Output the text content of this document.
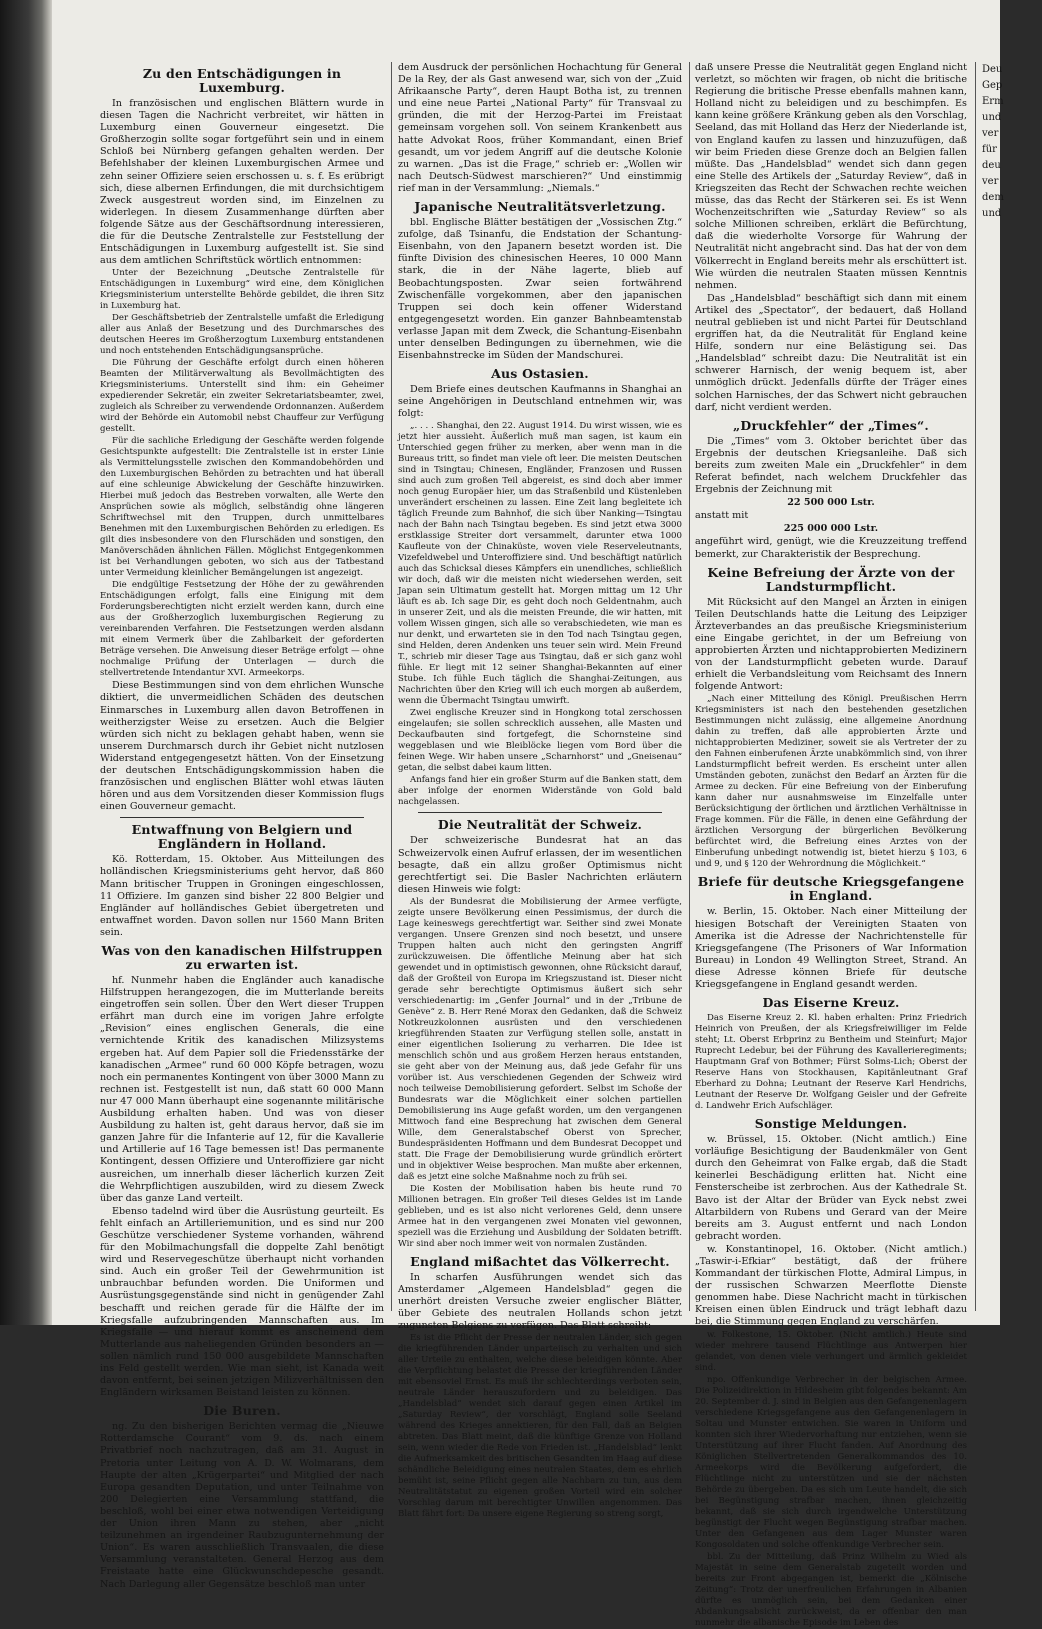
Zu den Entschädigungen in Luxemburg.

In französischen und englischen Blättern wurde in diesen Tagen die Nachricht verbreitet, wir hätten in Luxemburg einen Gouverneur eingesetzt. Die Großherzogin sollte sogar fortgeführt sein und in einem Schloß bei Nürnberg gefangen gehalten werden. Der Befehlshaber der kleinen Luxemburgischen Armee und zehn seiner Offiziere seien erschossen u. s. f. Es erübrigt sich, diese albernen Erfindungen, die mit durchsichtigem Zweck ausgestreut worden sind, im Einzelnen zu widerlegen. In diesem Zusammenhange dürften aber folgende Sätze aus der Geschäftsordnung interessieren, die für die Deutsche Zentralstelle zur Feststellung der Entschädigungen in Luxemburg aufgestellt ist. Sie sind aus dem amtlichen Schriftstück wörtlich entnommen:

Unter der Bezeichnung „Deutsche Zentralstelle für Entschädigungen in Luxemburg“ wird eine, dem Königlichen Kriegsministerium unterstellte Behörde gebildet, die ihren Sitz in Luxemburg hat.

Der Geschäftsbetrieb der Zentralstelle umfaßt die Erledigung aller aus Anlaß der Besetzung und des Durchmarsches des deutschen Heeres im Großherzogtum Luxemburg entstandenen und noch entstehenden Entschädigungsansprüche.

Die Führung der Geschäfte erfolgt durch einen höheren Beamten der Militärverwaltung als Bevollmächtigten des Kriegsministeriums. Unterstellt sind ihm: ein Geheimer expedierender Sekretär, ein zweiter Sekretariatsbeamter, zwei, zugleich als Schreiber zu verwendende Ordonnanzen. Außerdem wird der Behörde ein Automobil nebst Chauffeur zur Verfügung gestellt.

Für die sachliche Erledigung der Geschäfte werden folgende Gesichtspunkte aufgestellt: Die Zentralstelle ist in erster Linie als Vermittelungsstelle zwischen den Kommandobehörden und den Luxemburgischen Behörden zu betrachten und hat überall auf eine schleunige Abwickelung der Geschäfte hinzuwirken. Hierbei muß jedoch das Bestreben vorwalten, alle Werte den Ansprüchen sowie als möglich, selbständig ohne längeren Schriftwechsel mit den Truppen, durch unmittelbares Benehmen mit den Luxemburgischen Behörden zu erledigen. Es gilt dies insbesondere von den Flurschäden und sonstigen, den Manöverschäden ähnlichen Fällen. Möglichst Entgegenkommen ist bei Verhandlungen geboten, wo sich aus der Tatbestand unter Vermeidung kleinlicher Bemängelungen ist angezeigt.

Die endgültige Festsetzung der Höhe der zu gewährenden Entschädigungen erfolgt, falls eine Einigung mit dem Forderungsberechtigten nicht erzielt werden kann, durch eine aus der Großherzoglich luxemburgischen Regierung zu vereinbarenden Verfahren. Die Festsetzungen werden alsdann mit einem Vermerk über die Zahlbarkeit der geforderten Beträge versehen. Die Anweisung dieser Beträge erfolgt — ohne nochmalige Prüfung der Unterlagen — durch die stellvertretende Intendantur XVI. Armeekorps.

Diese Bestimmungen sind von dem ehrlichen Wunsche diktiert, die unvermeidlichen Schäden des deutschen Einmarsches in Luxemburg allen davon Betroffenen in weitherzigster Weise zu ersetzen. Auch die Belgier würden sich nicht zu beklagen gehabt haben, wenn sie unserem Durchmarsch durch ihr Gebiet nicht nutzlosen Widerstand entgegengesetzt hätten. Von der Einsetzung der deutschen Entschädigungskommission haben die französischen und englischen Blätter wohl etwas läuten hören und aus dem Vorsitzenden dieser Kommission flugs einen Gouverneur gemacht.

Entwaffnung von Belgiern und Engländern in Holland.

Kö. Rotterdam, 15. Oktober. Aus Mitteilungen des holländischen Kriegsministeriums geht hervor, daß 860 Mann britischer Truppen in Groningen eingeschlossen, 11 Offiziere. Im ganzen sind bisher 22 800 Belgier und Engländer auf holländisches Gebiet übergetreten und entwaffnet worden. Davon sollen nur 1560 Mann Briten sein.

Was von den kanadischen Hilfstruppen zu erwarten ist.

hf. Nunmehr haben die Engländer auch kanadische Hilfstruppen herangezogen, die im Mutterlande bereits eingetroffen sein sollen. Über den Wert dieser Truppen erfährt man durch eine im vorigen Jahre erfolgte „Revision“ eines englischen Generals, die eine vernichtende Kritik des kanadischen Milizsystems ergeben hat. Auf dem Papier soll die Friedensstärke der kanadischen „Armee“ rund 60 000 Köpfe betragen, wozu noch ein permanentes Kontingent von über 3000 Mann zu rechnen ist. Festgestellt ist nun, daß statt 60 000 Mann nur 47 000 Mann überhaupt eine sogenannte militärische Ausbildung erhalten haben. Und was von dieser Ausbildung zu halten ist, geht daraus hervor, daß sie im ganzen Jahre für die Infanterie auf 12, für die Kavallerie und Artillerie auf 16 Tage bemessen ist! Das permanente Kontingent, dessen Offiziere und Unteroffiziere gar nicht ausreichen, um innerhalb dieser lächerlich kurzen Zeit die Wehrpflichtigen auszubilden, wird zu diesem Zweck über das ganze Land verteilt.

Ebenso tadelnd wird über die Ausrüstung geurteilt. Es fehlt einfach an Artilleriemunition, und es sind nur 200 Geschütze verschiedener Systeme vorhanden, während für den Mobilmachungsfall die doppelte Zahl benötigt wird und Reservegeschütze überhaupt nicht vorhanden sind. Auch ein großer Teil der Gewehrmunition ist unbrauchbar befunden worden. Die Uniformen und Ausrüstungsgegenstände sind nicht in genügender Zahl beschafft und reichen gerade für die Hälfte der im Kriegsfalle aufzubringenden Mannschaften aus. Im Kriegsfalle — und hierauf kommt es anscheinend dem Mutterlande aus naheliegenden Gründen besonders an — sollen nämlich rund 150 000 ausgebildete Mannschaften ins Feld gestellt werden. Wie man sieht, ist Kanada weit davon entfernt, bei seinen jetzigen Milizverhältnissen den Engländern wirksamen Beistand leisten zu können.

Die Buren.

ng. Zu den bisherigen Berichten vermag die „Nieuwe Rotterdamsche Courant“ vom 9. ds. nach einem Privatbrief noch nachzutragen, daß am 31. August in Pretoria unter Leitung von A. D. W. Wolmarans, dem Haupte der alten „Krügerpartei“ und Mitglied der nach Europa gesandten Deputation, und unter Teilnahme von 200 Delegierten eine Versammlung stattfand, die beschloß, wohl bei einer etwa notwendigen Verteidigung der Union ihren Mann zu stehen, aber „nicht teilzunehmen an irgendeiner Raubzugunternehmung der Union“. Es waren ausschließlich Transvaalen, die diese Versammlung veranstalteten. General Herzog aus dem Freistaate hatte eine Glückwunschdepesche gesandt. Nach Darlegung aller Gegensätze beschloß man unter

dem Ausdruck der persönlichen Hochachtung für General De la Rey, der als Gast anwesend war, sich von der „Zuid Afrikaansche Party“, deren Haupt Botha ist, zu trennen und eine neue Partei „National Party“ für Transvaal zu gründen, die mit der Herzog-Partei im Freistaat gemeinsam vorgehen soll. Von seinem Krankenbett aus hatte Advokat Roos, früher Kommandant, einen Brief gesandt, um vor jedem Angriff auf die deutsche Kolonie zu warnen. „Das ist die Frage,“ schrieb er: „Wollen wir nach Deutsch-Südwest marschieren?“ Und einstimmig rief man in der Versammlung: „Niemals.“

Japanische Neutralitätsverletzung.

bbl. Englische Blätter bestätigen der „Vossischen Ztg.“ zufolge, daß Tsinanfu, die Endstation der Schantung-Eisenbahn, von den Japanern besetzt worden ist. Die fünfte Division des chinesischen Heeres, 10 000 Mann stark, die in der Nähe lagerte, blieb auf Beobachtungsposten. Zwar seien fortwährend Zwischenfälle vorgekommen, aber den japanischen Truppen sei doch kein offener Widerstand entgegengesetzt worden. Ein ganzer Bahnbeamtenstab verlasse Japan mit dem Zweck, die Schantung-Eisenbahn unter denselben Bedingungen zu übernehmen, wie die Eisenbahnstrecke im Süden der Mandschurei.

Aus Ostasien.

Dem Briefe eines deutschen Kaufmanns in Shanghai an seine Angehörigen in Deutschland entnehmen wir, was folgt:

„. . . . Shanghai, den 22. August 1914. Du wirst wissen, wie es jetzt hier aussieht. Äußerlich muß man sagen, ist kaum ein Unterschied gegen früher zu merken, aber wenn man in die Bureaus tritt, so findet man viele oft leer. Die meisten Deutschen sind in Tsingtau; Chinesen, Engländer, Franzosen und Russen sind auch zum großen Teil abgereist, es sind doch aber immer noch genug Europäer hier, um das Straßenbild und Küstenleben unverändert erscheinen zu lassen. Eine Zeit lang begleitete ich täglich Freunde zum Bahnhof, die sich über Nanking—Tsingtau nach der Bahn nach Tsingtau begeben. Es sind jetzt etwa 3000 erstklassige Streiter dort versammelt, darunter etwa 1000 Kaufleute von der Chinaküste, woven viele Reserveleutnants, Vizefeldwebel und Unteroffiziere sind. Und beschäftigt natürlich auch das Schicksal dieses Kämpfers ein unendliches, schließlich wir doch, daß wir die meisten nicht wiedersehen werden, seit Japan sein Ultimatum gestellt hat. Morgen mittag um 12 Uhr läuft es ab. Ich sage Dir, es geht doch noch Geldentnahm, auch in unserer Zeit, und als die meisten Freunde, die wir hatten, mit vollem Wissen gingen, sich alle so verabschiedeten, wie man es nur denkt, und erwarteten sie in den Tod nach Tsingtau gegen, sind Helden, deren Andenken uns teuer sein wird. Mein Freund T., schrieb mir dieser Tage aus Tsingtau, daß er sich ganz wohl fühle. Er liegt mit 12 seiner Shanghai-Bekannten auf einer Stube. Ich fühle Euch täglich die Shanghai-Zeitungen, aus Nachrichten über den Krieg will ich euch morgen ab außerdem, wenn die Übermacht Tsingtau umwirft.

Zwei englische Kreuzer sind in Hongkong total zerschossen eingelaufen; sie sollen schrecklich aussehen, alle Masten und Deckaufbauten sind fortgefegt, die Schornsteine sind weggeblasen und wie Bleiblöcke liegen vom Bord über die feinen Wege. Wir haben unsere „Scharnhorst“ und „Gneisenau“ getan, die selbst dabei kaum litten.

Anfangs fand hier ein großer Sturm auf die Banken statt, dem aber infolge der enormen Widerstände von Gold bald nachgelassen.

Die Neutralität der Schweiz.

Der schweizerische Bundesrat hat an das Schweizervolk einen Aufruf erlassen, der im wesentlichen besagte, daß ein allzu großer Optimismus nicht gerechtfertigt sei. Die Basler Nachrichten erläutern diesen Hinweis wie folgt:

Als der Bundesrat die Mobilisierung der Armee verfügte, zeigte unsere Bevölkerung einen Pessimismus, der durch die Lage keineswegs gerechtfertigt war. Seither sind zwei Monate vergangen. Unsere Grenzen sind noch besetzt, und unsere Truppen halten auch nicht den geringsten Angriff zurückzuweisen. Die öffentliche Meinung aber hat sich gewendet und in optimistisch gewonnen, ohne Rücksicht darauf, daß der Großteil von Europa im Kriegszustand ist. Dieser nicht gerade sehr berechtigte Optimismus äußert sich sehr verschiedenartig: im „Genfer Journal“ und in der „Tribune de Genève“ z. B. Herr René Morax den Gedanken, daß die Schweiz Notkreuzkolonnen ausrüsten und den verschiedenen kriegführenden Staaten zur Verfügung stellen solle, anstatt in einer eigentlichen Isolierung zu verharren. Die Idee ist menschlich schön und aus großem Herzen heraus entstanden, sie geht aber von der Meinung aus, daß jede Gefahr für uns vorüber ist. Aus verschiedenen Gegenden der Schweiz wird noch teilweise Demobilisierung gefordert. Selbst im Schoße der Bundesrats war die Möglichkeit einer solchen partiellen Demobilisierung ins Auge gefaßt worden, um den vergangenen Mittwoch fand eine Besprechung hat zwischen dem General Wille, dem Generalstabschef Oberst von Sprecher, Bundespräsidenten Hoffmann und dem Bundesrat Decoppet und statt. Die Frage der Demobilisierung wurde gründlich erörtert und in objektiver Weise besprochen. Man mußte aber erkennen, daß es jetzt eine solche Maßnahme noch zu früh sei.

Die Kosten der Mobilisation haben bis heute rund 70 Millionen betragen. Ein großer Teil dieses Geldes ist im Lande geblieben, und es ist also nicht verlorenes Geld, denn unsere Armee hat in den vergangenen zwei Monaten viel gewonnen, speziell was die Erziehung und Ausbildung der Soldaten betrifft. Wir sind aber noch immer weit von normalen Zuständen.

England mißachtet das Völkerrecht.

In scharfen Ausführungen wendet sich das Amsterdamer „Algemeen Handelsblad“ gegen die unerhört dreisten Versuche zweier englischer Blätter, über Gebiete des neutralen Hollands schon jetzt zugunsten Belgiens zu verfügen. Das Blatt schreibt:

Es ist die Pflicht der Presse der neutralen Länder, sich gegen die kriegführenden Länder unparteiisch zu verhalten und sich aller Urteile zu enthalten, welche diese beleidigen könnte. Aber die Verpflichtung belastet die Presse der kriegführenden Länder mit ebensoviel Ernst. Es muß ihr schlechterdings verboten sein, neutrale Länder herauszufordern und zu beleidigen. Das „Handelsblad“ wendet sich darauf gegen einen Artikel im „Saturday Review“, der vorschlägt, England solle Seeland während des Krieges annektieren, für den Fall, daß an Belgien abtreten. Das Blatt meint, daß die künftige Grenze von Holland sein, wenn wieder die Rede von Frieden ist. „Handelsblad“ lenkt die Aufmerksamkeit des britischen Gesandten im Haag auf diese schändliche Beleidigung eines neutralen Staates, dem es ehrlich bemüht ist, seine Pflicht gegen alle Nachbarn zu tun, aus dem Neutralitätstatut zu eigenen großen Vorteil wird ein solcher Vorschlag darum mit berechtigter Unwillen angenommen. Das Blatt fährt fort: Da unsere eigene Regierung so streng sorgt,

daß unsere Presse die Neutralität gegen England nicht verletzt, so möchten wir fragen, ob nicht die britische Regierung die britische Presse ebenfalls mahnen kann, Holland nicht zu beleidigen und zu beschimpfen. Es kann keine größere Kränkung geben als den Vorschlag, Seeland, das mit Holland das Herz der Niederlande ist, von England kaufen zu lassen und hinzuzufügen, daß wir beim Frieden diese Grenze doch an Belgien fallen müßte. Das „Handelsblad“ wendet sich dann gegen eine Stelle des Artikels der „Saturday Review“, daß in Kriegszeiten das Recht der Schwachen rechte weichen müsse, das das Recht der Stärkeren sei. Es ist Wenn Wochenzeitschriften wie „Saturday Review“ so als solche Millionen schreiben, erklärt die Befürchtung, daß die wiederholte Vorsorge für Wahrung der Neutralität nicht angebracht sind. Das hat der von dem Völkerrecht in England bereits mehr als erschüttert ist. Wie würden die neutralen Staaten müssen Kenntnis nehmen.

Das „Handelsblad“ beschäftigt sich dann mit einem Artikel des „Spectator“, der bedauert, daß Holland neutral geblieben ist und nicht Partei für Deutschland ergriffen hat, da die Neutralität für England keine Hilfe, sondern nur eine Belästigung sei. Das „Handelsblad“ schreibt dazu: Die Neutralität ist ein schwerer Harnisch, der wenig bequem ist, aber unmöglich drückt. Jedenfalls dürfte der Träger eines solchen Harnisches, der das Schwert nicht gebrauchen darf, nicht verdient werden.

„Druckfehler“ der „Times“.

Die „Times“ vom 3. Oktober berichtet über das Ergebnis der deutschen Kriegsanleihe. Daß sich bereits zum zweiten Male ein „Druckfehler“ in dem Referat befindet, nach welchem Druckfehler das Ergebnis der Zeichnung mit

22 500 000 Lstr.

anstatt mit

225 000 000 Lstr.

angeführt wird, genügt, wie die Kreuzzeitung treffend bemerkt, zur Charakteristik der Besprechung.

Keine Befreiung der Ärzte von der Landsturmpflicht.

Mit Rücksicht auf den Mangel an Ärzten in einigen Teilen Deutschlands hatte die Leitung des Leipziger Ärzteverbandes an das preußische Kriegsministerium eine Eingabe gerichtet, in der um Befreiung von approbierten Ärzten und nichtapprobierten Medizinern von der Landsturmpflicht gebeten wurde. Darauf erhielt die Verbandsleitung vom Reichsamt des Innern folgende Antwort:

„Nach einer Mitteilung des Königl. Preußischen Herrn Kriegsministers ist nach den bestehenden gesetzlichen Bestimmungen nicht zulässig, eine allgemeine Anordnung dahin zu treffen, daß alle approbierten Ärzte und nichtapprobierten Mediziner, soweit sie als Vertreter der zu den Fahnen einberufenen Ärzte unabkömmlich sind, von ihrer Landsturmpflicht befreit werden. Es erscheint unter allen Umständen geboten, zunächst den Bedarf an Ärzten für die Armee zu decken. Für eine Befreiung von der Einberufung kann daher nur ausnahmsweise im Einzelfalle unter Berücksichtigung der örtlichen und ärztlichen Verhältnisse in Frage kommen. Für die Fälle, in denen eine Gefährdung der ärztlichen Versorgung der bürgerlichen Bevölkerung befürchtet wird, die Befreiung eines Arztes von der Einberufung unbedingt notwendig ist, bietet hierzu § 103, 6 und 9, und § 120 der Wehrordnung die Möglichkeit.“

Briefe für deutsche Kriegsgefangene in England.

w. Berlin, 15. Oktober. Nach einer Mitteilung der hiesigen Botschaft der Vereinigten Staaten von Amerika ist die Adresse der Nachrichtenstelle für Kriegsgefangene (The Prisoners of War Information Bureau) in London 49 Wellington Street, Strand. An diese Adresse können Briefe für deutsche Kriegsgefangene in England gesandt werden.

Das Eiserne Kreuz.

Das Eiserne Kreuz 2. Kl. haben erhalten: Prinz Friedrich Heinrich von Preußen, der als Kriegsfreiwilliger im Felde steht; Lt. Oberst Erbprinz zu Bentheim und Steinfurt; Major Ruprecht Ledebur, bei der Führung des Kavallerieregiments; Hauptmann Graf von Bothmer; Fürst Solms-Lich; Oberst der Reserve Hans von Stockhausen, Kapitänleutnant Graf Eberhard zu Dohna; Leutnant der Reserve Karl Hendrichs, Leutnant der Reserve Dr. Wolfgang Geisler und der Gefreite d. Landwehr Erich Aufschläger.

Sonstige Meldungen.

w. Brüssel, 15. Oktober. (Nicht amtlich.) Eine vorläufige Besichtigung der Baudenkmäler von Gent durch den Geheimrat von Falke ergab, daß die Stadt keinerlei Beschädigung erlitten hat. Nicht eine Fensterscheibe ist zerbrochen. Aus der Kathedrale St. Bavo ist der Altar der Brüder van Eyck nebst zwei Altarbildern von Rubens und Gerard van der Meire bereits am 3. August entfernt und nach London gebracht worden.

w. Konstantinopel, 16. Oktober. (Nicht amtlich.) „Taswir-i-Efkiar“ bestätigt, daß der frühere Kommandant der türkischen Flotte, Admiral Limpus, in der russischen Schwarzen Meerflotte Dienste genommen habe. Diese Nachricht macht in türkischen Kreisen einen üblen Eindruck und trägt lebhaft dazu bei, die Stimmung gegen England zu verschärfen.

w. Folkestone, 15. Oktober. (Nicht amtlich.) Heute sind wieder mehrere tausend Flüchtlinge aus Antwerpen hier gelandet, von denen viele verhungert und ärmlich gekleidet sind.

npo. Offenkundige Verbrecher in der belgischen Armee. Die Polizeidirektion in Hildesheim gibt folgendes bekannt: Am 20. September d. J. sind in Belgien aus den Gefangenenlagern verschiedene Kriegsgefangene aus den Gefangenenlagern in Soltau und Munster entwichen. Sie waren in Uniform und konnten sich ihrer Wiedervorhaftung nur entziehen, wenn sie Unterstützung auf ihrer Flucht fanden. Auf Anordnung des Königlichen Stellvertretenden Generalkommandos des 10. Armeekorps wird die Bevölkerung aufgefordert, die Flüchtlinge nicht zu unterstützen und sie der nächsten Behörde zu übergeben. Da es sich um Leute handelt, die sich bei Begünstigung strafbar machen, ihnen gleichzeitig bekannt, daß sie sich durch irgendwelche Unterstützung begünstigt der Flucht wegen Begünstigung strafbar machen. Unter den Gefangenen aus dem Lager Munster waren Kongosoldaten und solche offenkundige Verbrecher sein.

bbl. Zu der Mitteilung, daß Prinz Wilhelm zu Wied als Majestät in seine dem Generalstab zugeteilt worden und bereits zur Front abgegangen ist, bemerkt die „Kölnische Zeitung“: Trotz der unerfreulichen Erfahrungen in Albanien dürfte es unmöglich sein, bei dem Gedanken einer Abdankungsabsicht zurückweist, da er offenbar den man nunmehr die albanische Episode im Leben des

Deu Gep Erm und ver für deu ver dem und
